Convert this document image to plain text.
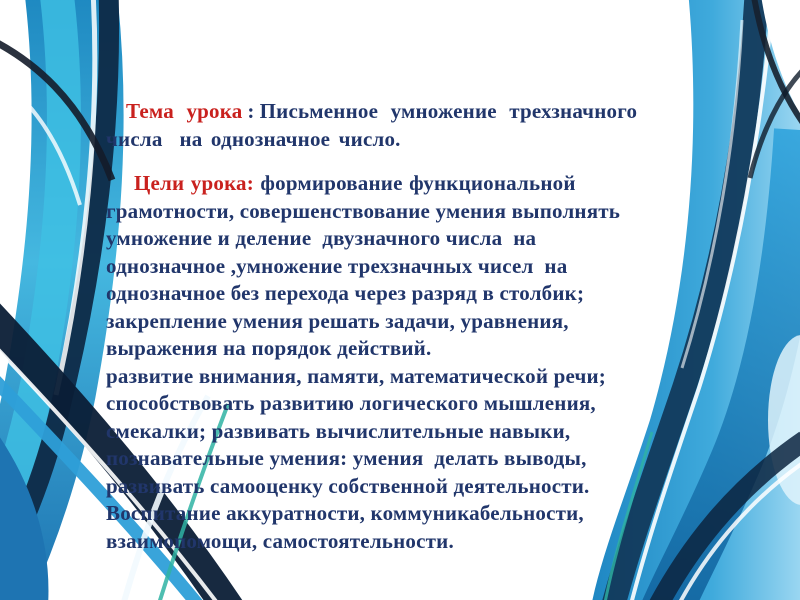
Тема урока : Письменное умножение трехзначного
числа  на однозначное число.
Цели урока: формирование функциональной
грамотности, совершенствование умения выполнять
умножение и деление  двузначного числа  на
однозначное ,умножение трехзначных чисел  на
однозначное без перехода через разряд в столбик;
закрепление умения решать задачи, уравнения,
выражения на порядок действий.
развитие внимания, памяти, математической речи;
способствовать развитию логического мышления,
смекалки; развивать вычислительные навыки,
познавательные умения: умения  делать выводы,
развивать самооценку собственной деятельности.
Воспитание аккуратности, коммуникабельности,
взаимопомощи, самостоятельности.
